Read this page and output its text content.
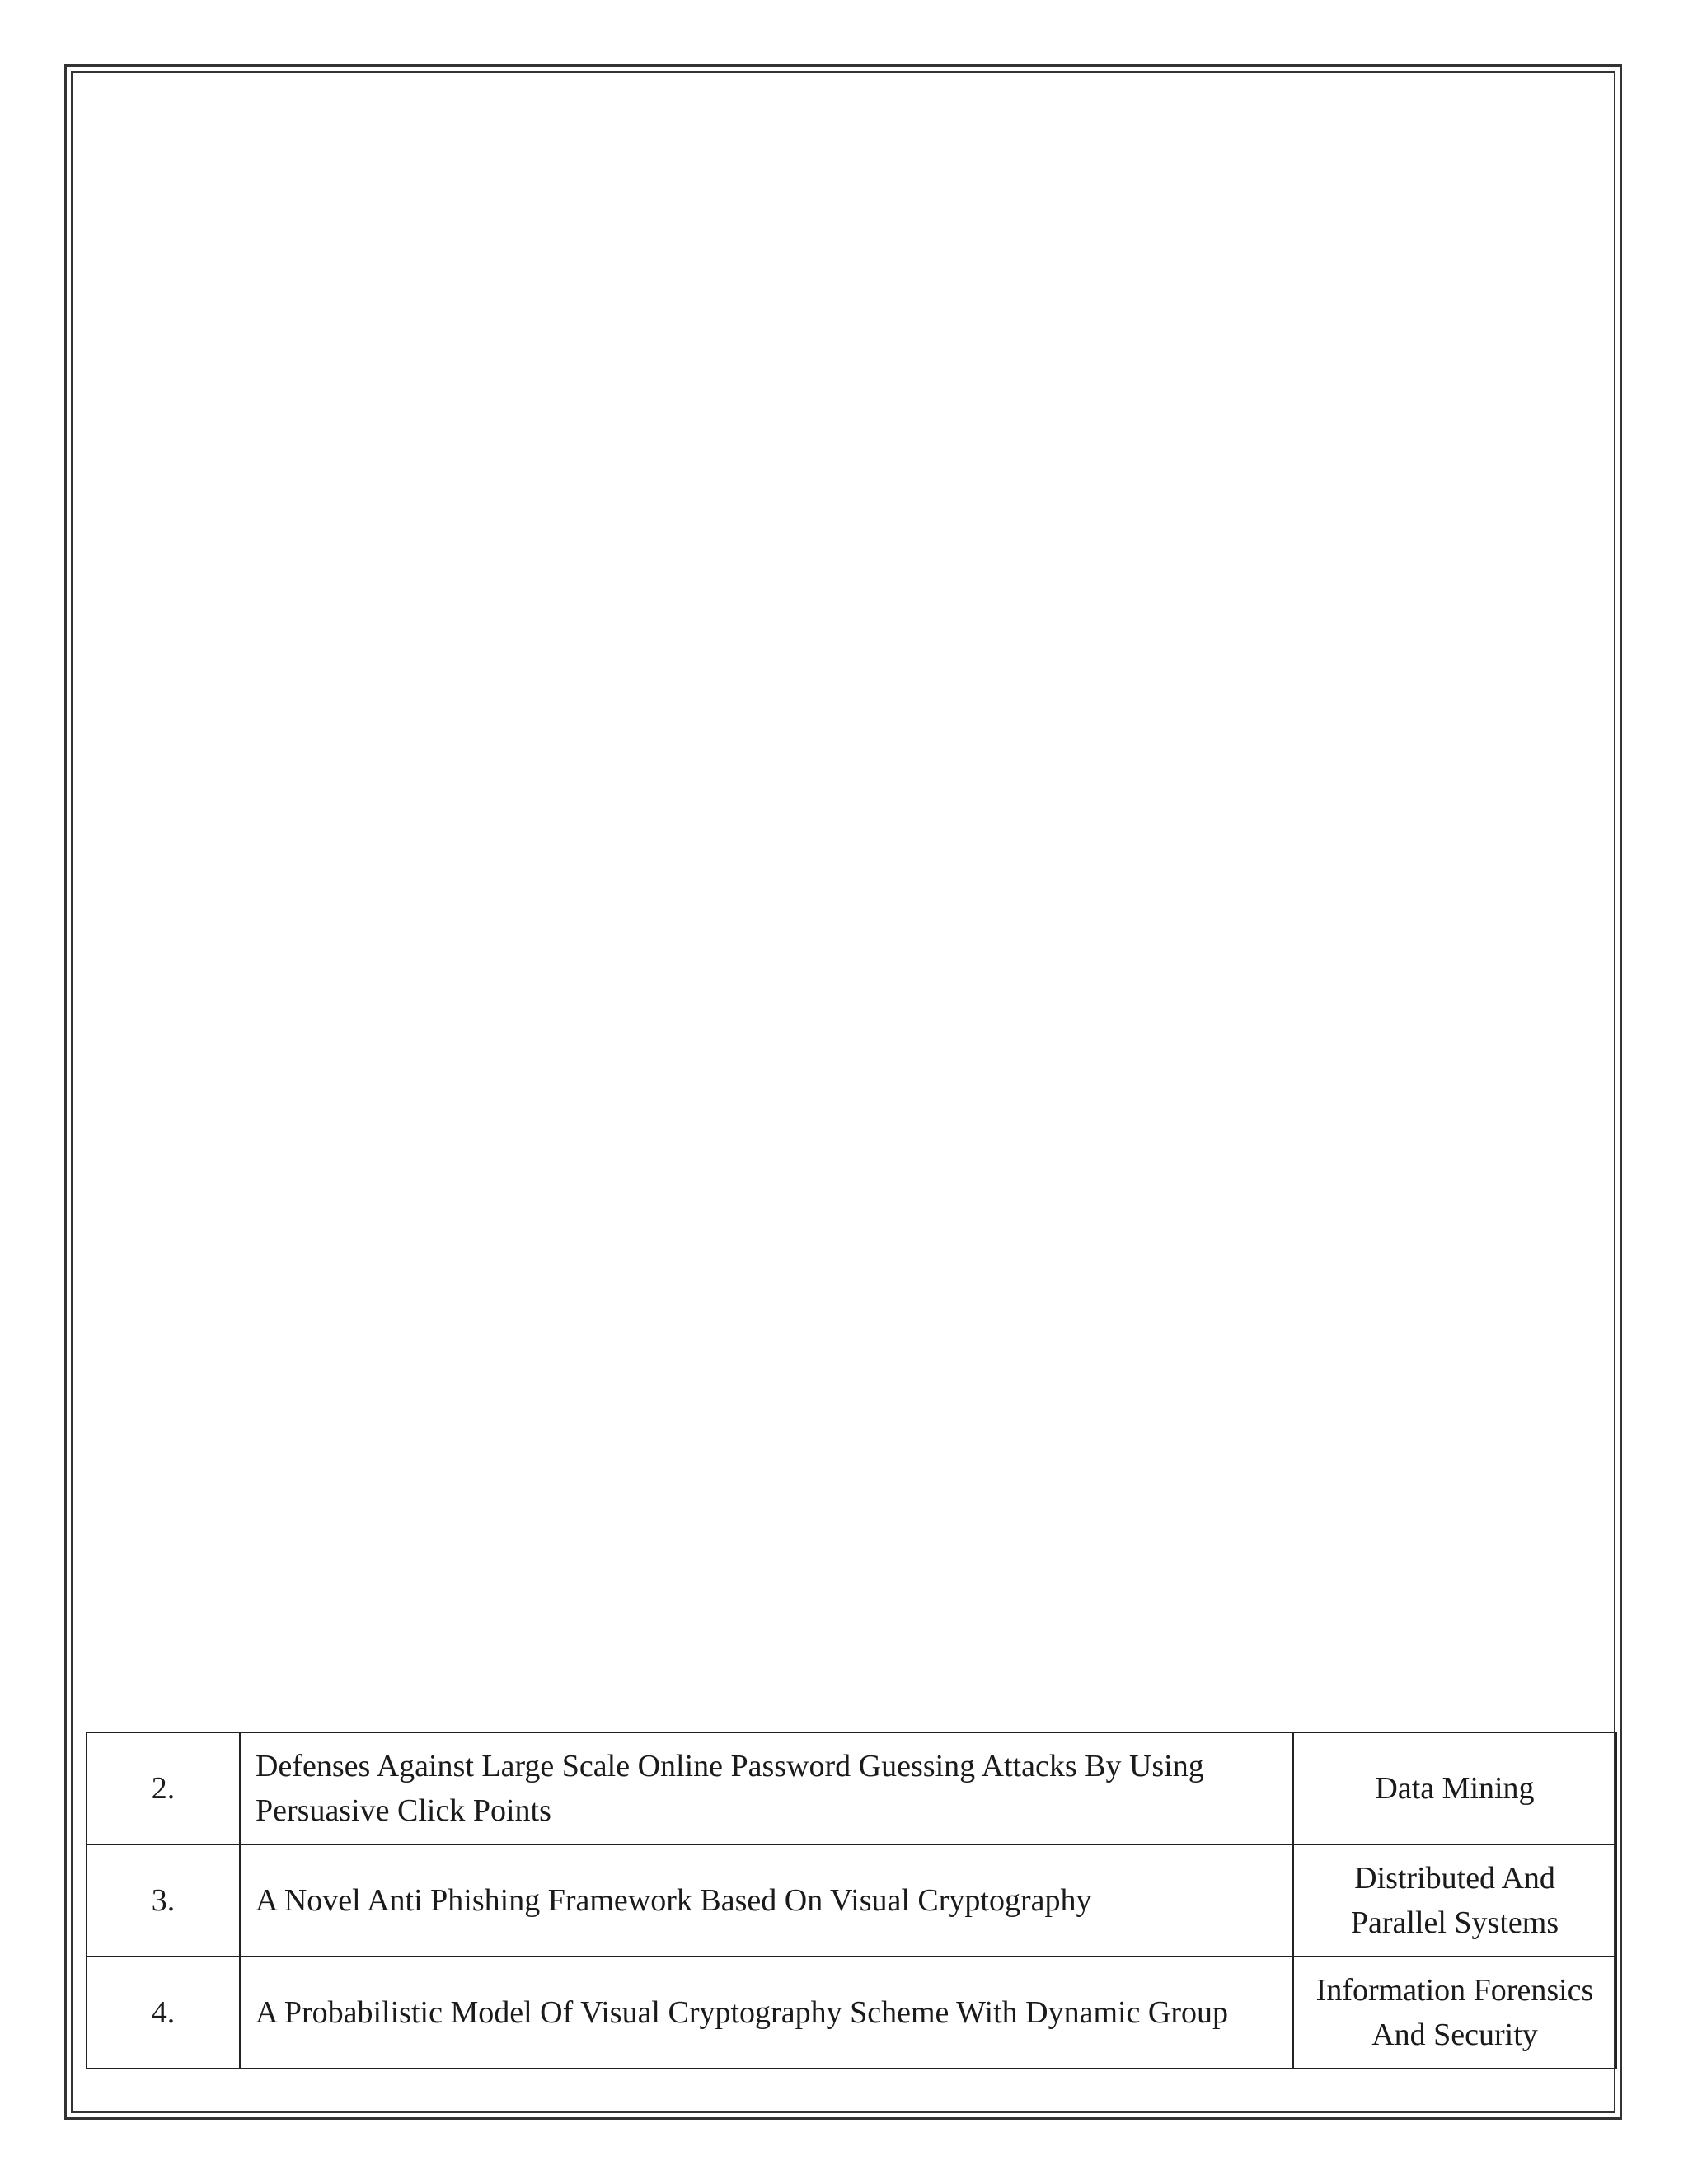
2.	Defenses Against Large Scale Online Password Guessing Attacks By Using Persuasive Click Points	Data Mining

3.	A Novel Anti Phishing Framework Based On Visual Cryptography	Distributed And
Parallel Systems

4.	A Probabilistic Model Of Visual Cryptography Scheme With Dynamic Group	Information Forensics
And Security
